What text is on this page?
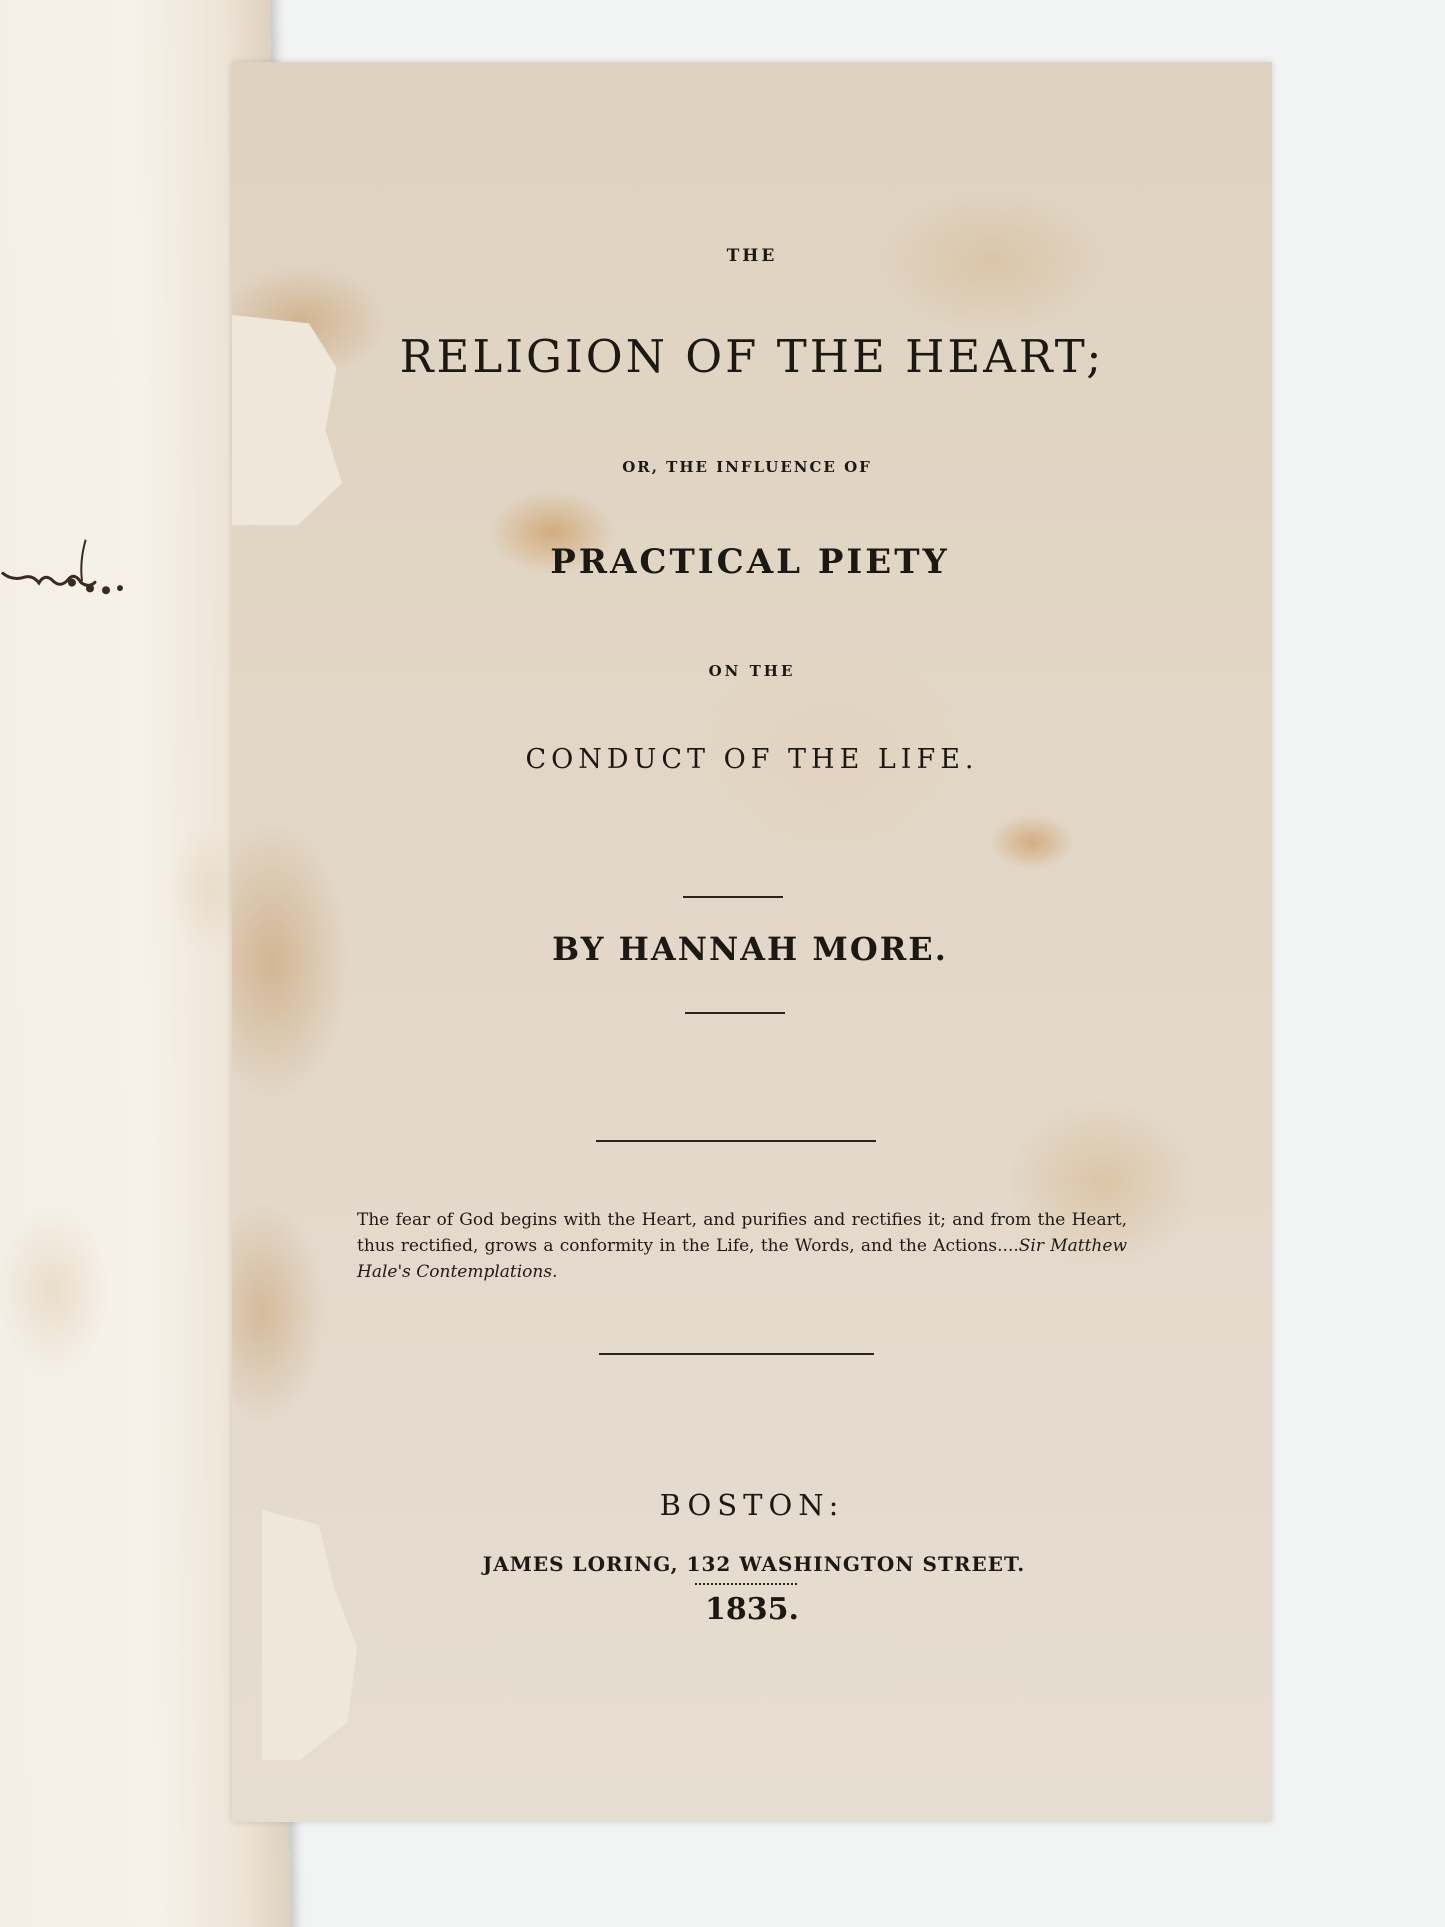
THE
RELIGION OF THE HEART;
OR, THE INFLUENCE OF
PRACTICAL PIETY
ON THE
CONDUCT OF THE LIFE.
BY HANNAH MORE.
The fear of God begins with the Heart, and purifies and rectifies it; and from the Heart, thus rectified, grows a conformity in the Life, the Words, and the Actions....Sir Matthew Hale's Contemplations.
BOSTON:
JAMES LORING, 132 WASHINGTON STREET.
1835.
